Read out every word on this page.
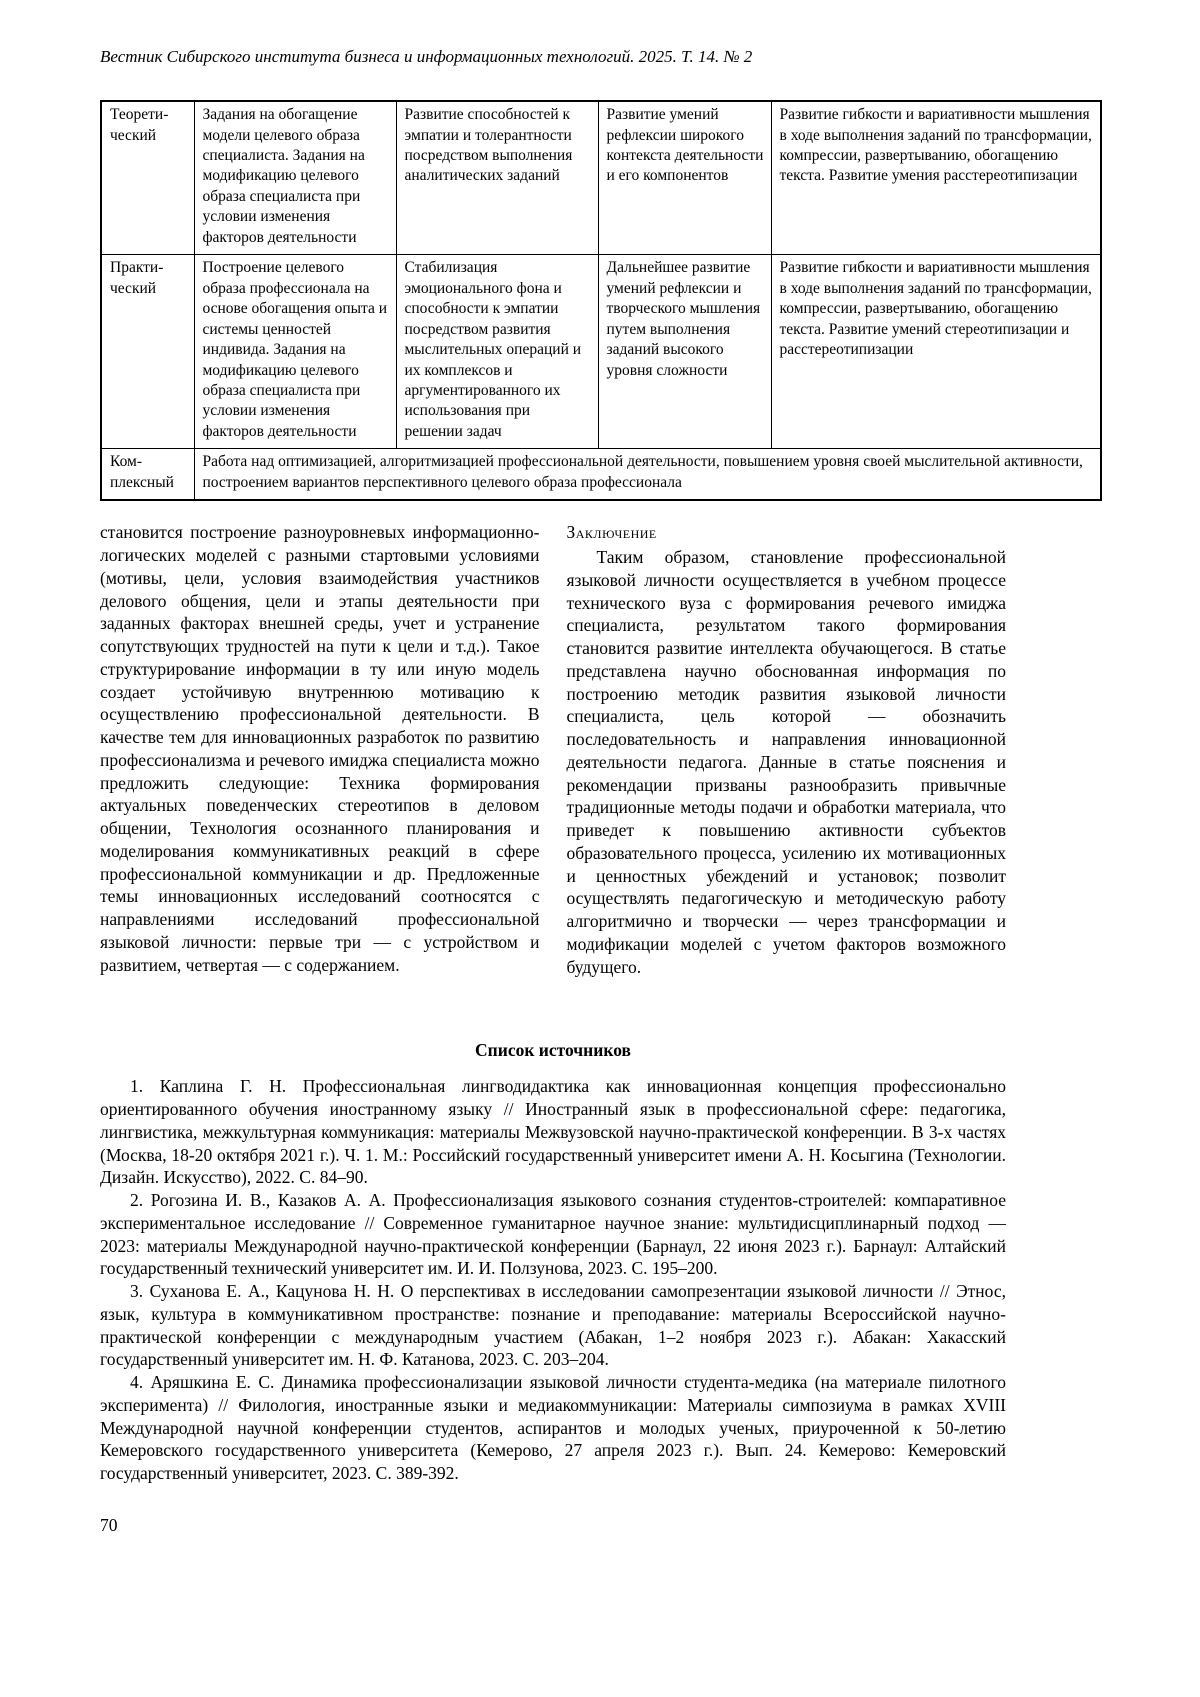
Вестник Сибирского института бизнеса и информационных технологий. 2025. Т. 14. № 2
Теорети-ческий	Задания на обогащение модели целевого образа специалиста. Задания на модификацию целевого образа специалиста при условии изменения факторов деятельности	Развитие способностей к эмпатии и толерантности посредством выполнения аналитических заданий	Развитие умений рефлексии широкого контекста деятельности и его компонентов	Развитие гибкости и вариативности мышления в ходе выполнения заданий по трансформации, компрессии, развертыванию, обогащению текста. Развитие умения расстереотипизации
Практи-ческий	Построение целевого образа профессионала на основе обогащения опыта и системы ценностей индивида. Задания на модификацию целевого образа специалиста при условии изменения факторов деятельности	Стабилизация эмоционального фона и способности к эмпатии посредством развития мыслительных операций и их комплексов и аргументированного их использования при решении задач	Дальнейшее развитие умений рефлексии и творческого мышления путем выполнения заданий высокого уровня сложности	Развитие гибкости и вариативности мышления в ходе выполнения заданий по трансформации, компрессии, развертыванию, обогащению текста. Развитие умений стереотипизации и расстереотипизации
Ком-плексный	Работа над оптимизацией, алгоритмизацией профессиональной деятельности, повышением уровня своей мыслительной активности, построением вариантов перспективного целевого образа профессионала			

становится построение разноуровневых информационно-логических моделей с разными стартовыми условиями (мотивы, цели, условия взаимодействия участников делового общения, цели и этапы деятельности при заданных факторах внешней среды, учет и устранение сопутствующих трудностей на пути к цели и т.д.). Такое структурирование информации в ту или иную модель создает устойчивую внутреннюю мотивацию к осуществлению профессиональной деятельности. В качестве тем для инновационных разработок по развитию профессионализма и речевого имиджа специалиста можно предложить следующие: Техника формирования актуальных поведенческих стереотипов в деловом общении, Технология осознанного планирования и моделирования коммуникативных реакций в сфере профессиональной коммуникации и др. Предложенные темы инновационных исследований соотносятся с направлениями исследований профессиональной языковой личности: первые три — с устройством и развитием, четвертая — с содержанием.

Заключение

Таким образом, становление профессиональной языковой личности осуществляется в учебном процессе технического вуза с формирования речевого имиджа специалиста, результатом такого формирования становится развитие интеллекта обучающегося. В статье представлена научно обоснованная информация по построению методик развития языковой личности специалиста, цель которой — обозначить последовательность и направления инновационной деятельности педагога. Данные в статье пояснения и рекомендации призваны разнообразить привычные традиционные методы подачи и обработки материала, что приведет к повышению активности субъектов образовательного процесса, усилению их мотивационных и ценностных убеждений и установок; позволит осуществлять педагогическую и методическую работу алгоритмично и творчески — через трансформации и модификации моделей с учетом факторов возможного будущего.

Список источников

1. Каплина Г. Н. Профессиональная лингводидактика как инновационная концепция профессионально ориентированного обучения иностранному языку // Иностранный язык в профессиональной сфере: педагогика, лингвистика, межкультурная коммуникация: материалы Межвузовской научно-практической конференции. В 3-х частях (Москва, 18-20 октября 2021 г.). Ч. 1. М.: Российский государственный университет имени А. Н. Косыгина (Технологии. Дизайн. Искусство), 2022. С. 84–90.

2. Рогозина И. В., Казаков А. А. Профессионализация языкового сознания студентов-строителей: компаративное экспериментальное исследование // Современное гуманитарное научное знание: мультидисциплинарный подход — 2023: материалы Международной научно-практической конференции (Барнаул, 22 июня 2023 г.). Барнаул: Алтайский государственный технический университет им. И. И. Ползунова, 2023. С. 195–200.

3. Суханова Е. А., Кацунова Н. Н. О перспективах в исследовании самопрезентации языковой личности // Этнос, язык, культура в коммуникативном пространстве: познание и преподавание: материалы Всероссийской научно-практической конференции с международным участием (Абакан, 1–2 ноября 2023 г.). Абакан: Хакасский государственный университет им. Н. Ф. Катанова, 2023. С. 203–204.

4. Аряшкина Е. С. Динамика профессионализации языковой личности студента-медика (на материале пилотного эксперимента) // Филология, иностранные языки и медиакоммуникации: Материалы симпозиума в рамках XVIII Международной научной конференции студентов, аспирантов и молодых ученых, приуроченной к 50-летию Кемеровского государственного университета (Кемерово, 27 апреля 2023 г.). Вып. 24. Кемерово: Кемеровский государственный университет, 2023. С. 389-392.

70
